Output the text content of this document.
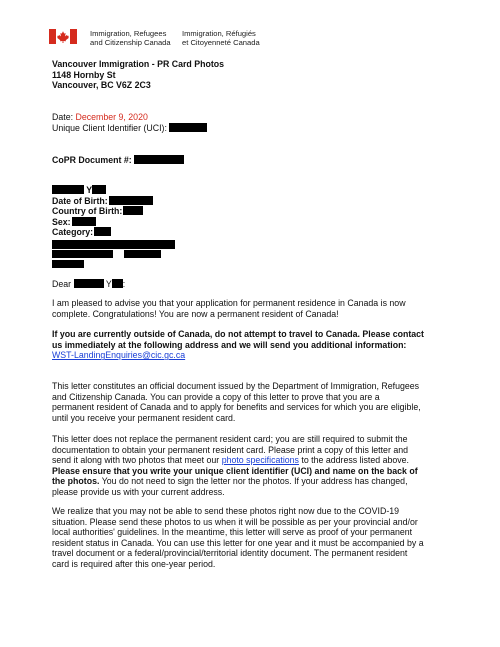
Immigration, Refugees
and Citizenship Canada
Immigration, Réfugiés
et Citoyenneté Canada
Vancouver Immigration - PR Card Photos
1148 Hornby St
Vancouver, BC V6Z 2C3
Date: December 9, 2020
Unique Client Identifier (UCI):
CoPR Document #:
Y
Date of Birth:
Country of Birth:
Sex:
Category:
Dear	Y :
I am pleased to advise you that your application for permanent residence in Canada is now
complete. Congratulations! You are now a permanent resident of Canada!
If you are currently outside of Canada, do not attempt to travel to Canada. Please contact
us immediately at the following address and we will send you additional information:
WST-LandingEnquiries@cic.gc.ca
This letter constitutes an official document issued by the Department of Immigration, Refugees
and Citizenship Canada. You can provide a copy of this letter to prove that you are a
permanent resident of Canada and to apply for benefits and services for which you are eligible,
until you receive your permanent resident card.
This letter does not replace the permanent resident card; you are still required to submit the
documentation to obtain your permanent resident card. Please print a copy of this letter and
send it along with two photos that meet our photo specifications to the address listed above.
Please ensure that you write your unique client identifier (UCI) and name on the back of
the photos. You do not need to sign the letter nor the photos. If your address has changed,
please provide us with your current address.
We realize that you may not be able to send these photos right now due to the COVID-19
situation. Please send these photos to us when it will be possible as per your provincial and/or
local authorities' guidelines. In the meantime, this letter will serve as proof of your permanent
resident status in Canada. You can use this letter for one year and it must be accompanied by a
travel document or a federal/provincial/territorial identity document. The permanent resident
card is required after this one-year period.
